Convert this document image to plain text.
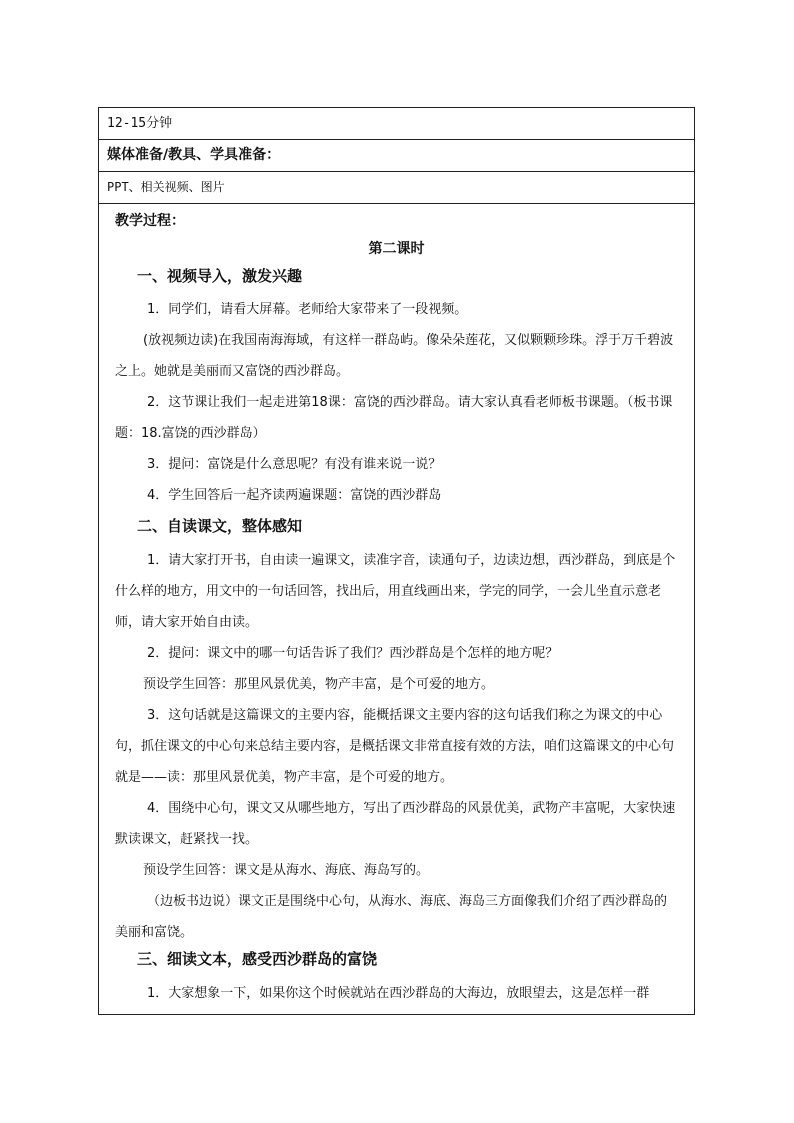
12-15分钟
媒体准备/教具、学具准备：
PPT、相关视频、图片

教学过程：
第二课时
一、视频导入，激发兴趣
1．同学们，请看大屏幕。老师给大家带来了一段视频。
(放视频边读)在我国南海海域，有这样一群岛屿。像朵朵莲花，又似颗颗珍珠。浮于万千碧波之上。她就是美丽而又富饶的西沙群岛。
2．这节课让我们一起走进第18课：富饶的西沙群岛。请大家认真看老师板书课题。（板书课题：18.富饶的西沙群岛）
3．提问：富饶是什么意思呢？有没有谁来说一说？
4．学生回答后一起齐读两遍课题：富饶的西沙群岛
二、自读课文，整体感知
1．请大家打开书，自由读一遍课文，读准字音，读通句子，边读边想，西沙群岛，到底是个什么样的地方，用文中的一句话回答，找出后，用直线画出来，学完的同学，一会儿坐直示意老师，请大家开始自由读。
2．提问：课文中的哪一句话告诉了我们？西沙群岛是个怎样的地方呢？
预设学生回答：那里风景优美，物产丰富，是个可爱的地方。
3．这句话就是这篇课文的主要内容，能概括课文主要内容的这句话我们称之为课文的中心句，抓住课文的中心句来总结主要内容，是概括课文非常直接有效的方法，咱们这篇课文的中心句就是——读：那里风景优美，物产丰富，是个可爱的地方。
4．围绕中心句，课文又从哪些地方，写出了西沙群岛的风景优美，武物产丰富呢，大家快速默读课文，赶紧找一找。
预设学生回答：课文是从海水、海底、海岛写的。
（边板书边说）课文正是围绕中心句，从海水、海底、海岛三方面像我们介绍了西沙群岛的美丽和富饶。
三、细读文本，感受西沙群岛的富饶
1．大家想象一下，如果你这个时候就站在西沙群岛的大海边，放眼望去，这是怎样一群
